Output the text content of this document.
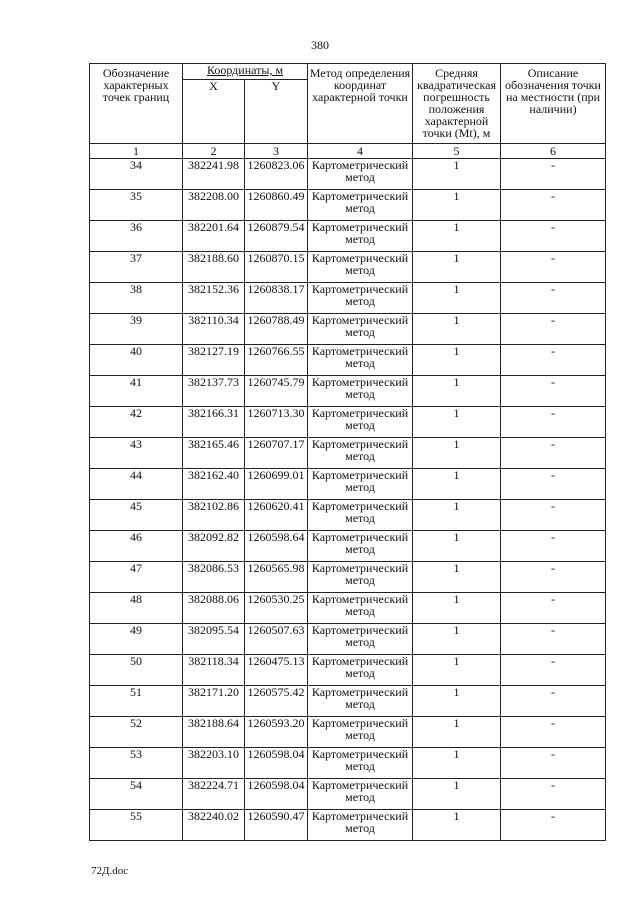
380
Обозначение характерных точек границ	Координаты, м		Метод определения координат характерной точки	Средняя квадратическая погрешность положения характерной точки (Mt), м	Описание обозначения точки на местности (при наличии)
	X	Y			
1	2	3	4	5	6
34	382241.98	1260823.06	Картометрический метод	1	-
35	382208.00	1260860.49	Картометрический метод	1	-
36	382201.64	1260879.54	Картометрический метод	1	-
37	382188.60	1260870.15	Картометрический метод	1	-
38	382152.36	1260838.17	Картометрический метод	1	-
39	382110.34	1260788.49	Картометрический метод	1	-
40	382127.19	1260766.55	Картометрический метод	1	-
41	382137.73	1260745.79	Картометрический метод	1	-
42	382166.31	1260713.30	Картометрический метод	1	-
43	382165.46	1260707.17	Картометрический метод	1	-
44	382162.40	1260699.01	Картометрический метод	1	-
45	382102.86	1260620.41	Картометрический метод	1	-
46	382092.82	1260598.64	Картометрический метод	1	-
47	382086.53	1260565.98	Картометрический метод	1	-
48	382088.06	1260530.25	Картометрический метод	1	-
49	382095.54	1260507.63	Картометрический метод	1	-
50	382118.34	1260475.13	Картометрический метод	1	-
51	382171.20	1260575.42	Картометрический метод	1	-
52	382188.64	1260593.20	Картометрический метод	1	-
53	382203.10	1260598.04	Картометрический метод	1	-
54	382224.71	1260598.04	Картометрический метод	1	-
55	382240.02	1260590.47	Картометрический метод	1	-
72Д.doc
